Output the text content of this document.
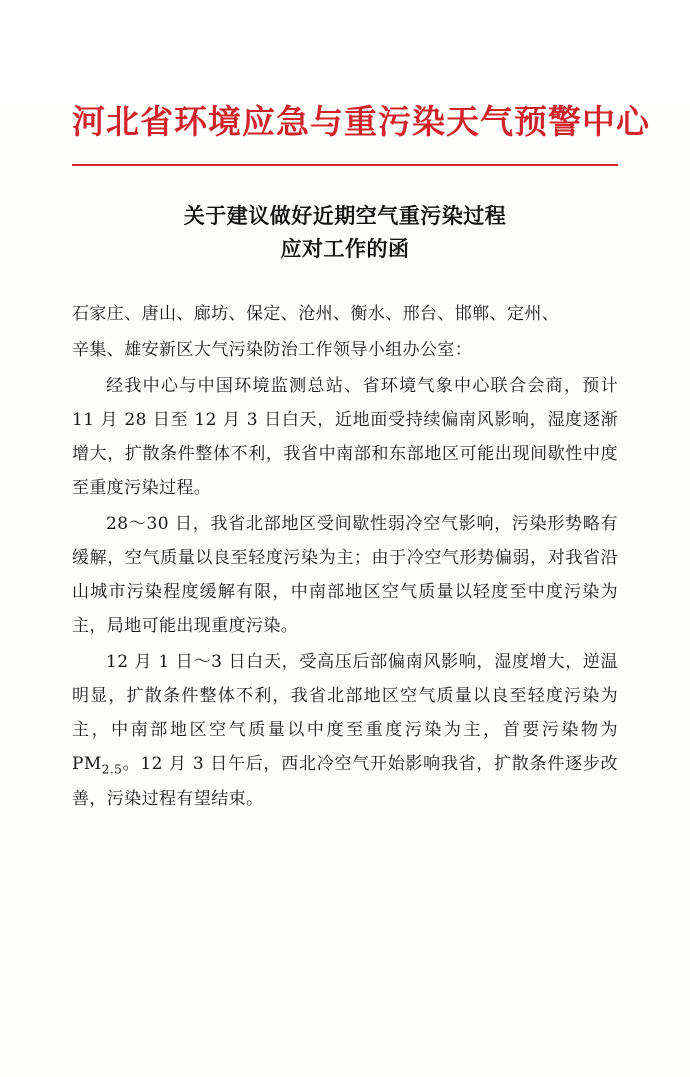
河北省环境应急与重污染天气预警中心
关于建议做好近期空气重污染过程
应对工作的函

石家庄、唐山、廊坊、保定、沧州、衡水、邢台、邯郸、定州、

辛集、雄安新区大气污染防治工作领导小组办公室：

经我中心与中国环境监测总站、省环境气象中心联合会商，预计 11 月 28 日至 12 月 3 日白天，近地面受持续偏南风影响，湿度逐渐增大，扩散条件整体不利，我省中南部和东部地区可能出现间歇性中度至重度污染过程。

28～30 日，我省北部地区受间歇性弱冷空气影响，污染形势略有缓解，空气质量以良至轻度污染为主；由于冷空气形势偏弱，对我省沿山城市污染程度缓解有限，中南部地区空气质量以轻度至中度污染为主，局地可能出现重度污染。

12 月 1 日～3 日白天，受高压后部偏南风影响，湿度增大，逆温明显，扩散条件整体不利，我省北部地区空气质量以良至轻度污染为主，中南部地区空气质量以中度至重度污染为主，首要污染物为 $PM_{2.5}$。12 月 3 日午后，西北冷空气开始影响我省，扩散条件逐步改善，污染过程有望结束。
